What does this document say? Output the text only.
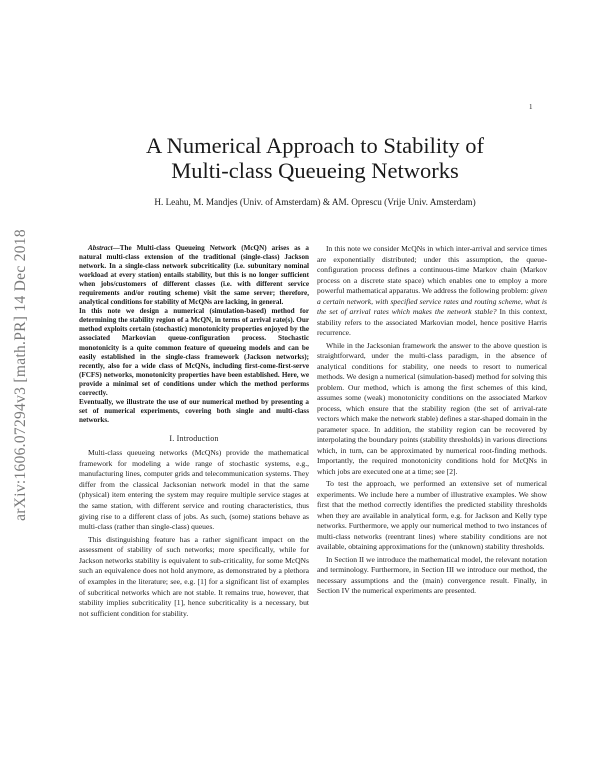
1
arXiv:1606.07294v3 [math.PR] 14 Dec 2018
A Numerical Approach to Stability of
Multi-class Queueing Networks
H. Leahu, M. Mandjes (Univ. of Amsterdam) & AM. Oprescu (Vrije Univ. Amsterdam)

Abstract—The Multi-class Queueing Network (McQN) arises as a natural multi-class extension of the traditional (single-class) Jackson network. In a single-class network subcriticality (i.e. subunitary nominal workload at every station) entails stability, but this is no longer sufficient when jobs/customers of different classes (i.e. with different service requirements and/or routing scheme) visit the same server; therefore, analytical conditions for stability of McQNs are lacking, in general.

In this note we design a numerical (simulation-based) method for determining the stability region of a McQN, in terms of arrival rate(s). Our method exploits certain (stochastic) monotonicity properties enjoyed by the associated Markovian queue-configuration process. Stochastic monotonicity is a quite common feature of queueing models and can be easily established in the single-class framework (Jackson networks); recently, also for a wide class of McQNs, including first-come-first-serve (FCFS) networks, monotonicity properties have been established. Here, we provide a minimal set of conditions under which the method performs correctly.

Eventually, we illustrate the use of our numerical method by presenting a set of numerical experiments, covering both single and multi-class networks.

I. Introduction

Multi-class queueing networks (McQNs) provide the mathematical framework for modeling a wide range of stochastic systems, e.g., manufacturing lines, computer grids and telecommunication systems. They differ from the classical Jacksonian network model in that the same (physical) item entering the system may require multiple service stages at the same station, with different service and routing characteristics, thus giving rise to a different class of jobs. As such, (some) stations behave as multi-class (rather than single-class) queues.

This distinguishing feature has a rather significant impact on the assessment of stability of such networks; more specifically, while for Jackson networks stability is equivalent to sub-criticality, for some McQNs such an equivalence does not hold anymore, as demonstrated by a plethora of examples in the literature; see, e.g. [1] for a significant list of examples of subcritical networks which are not stable. It remains true, however, that stability implies subcriticality [1], hence subcriticality is a necessary, but not sufficient condition for stability.

In this note we consider McQNs in which inter-arrival and service times are exponentially distributed; under this assumption, the queue-configuration process defines a continuous-time Markov chain (Markov process on a discrete state space) which enables one to employ a more powerful mathematical apparatus. We address the following problem: given a certain network, with specified service rates and routing scheme, what is the set of arrival rates which makes the network stable? In this context, stability refers to the associated Markovian model, hence positive Harris recurrence.

While in the Jacksonian framework the answer to the above question is straightforward, under the multi-class paradigm, in the absence of analytical conditions for stability, one needs to resort to numerical methods. We design a numerical (simulation-based) method for solving this problem. Our method, which is among the first schemes of this kind, assumes some (weak) monotonicity conditions on the associated Markov process, which ensure that the stability region (the set of arrival-rate vectors which make the network stable) defines a star-shaped domain in the parameter space. In addition, the stability region can be recovered by interpolating the boundary points (stability thresholds) in various directions which, in turn, can be approximated by numerical root-finding methods. Importantly, the required monotonicity conditions hold for McQNs in which jobs are executed one at a time; see [2].

To test the approach, we performed an extensive set of numerical experiments. We include here a number of illustrative examples. We show first that the method correctly identifies the predicted stability thresholds when they are available in analytical form, e.g. for Jackson and Kelly type networks. Furthermore, we apply our numerical method to two instances of multi-class networks (reentrant lines) where stability conditions are not available, obtaining approximations for the (unknown) stability thresholds.

In Section II we introduce the mathematical model, the relevant notation and terminology. Furthermore, in Section III we introduce our method, the necessary assumptions and the (main) convergence result. Finally, in Section IV the numerical experiments are presented.
